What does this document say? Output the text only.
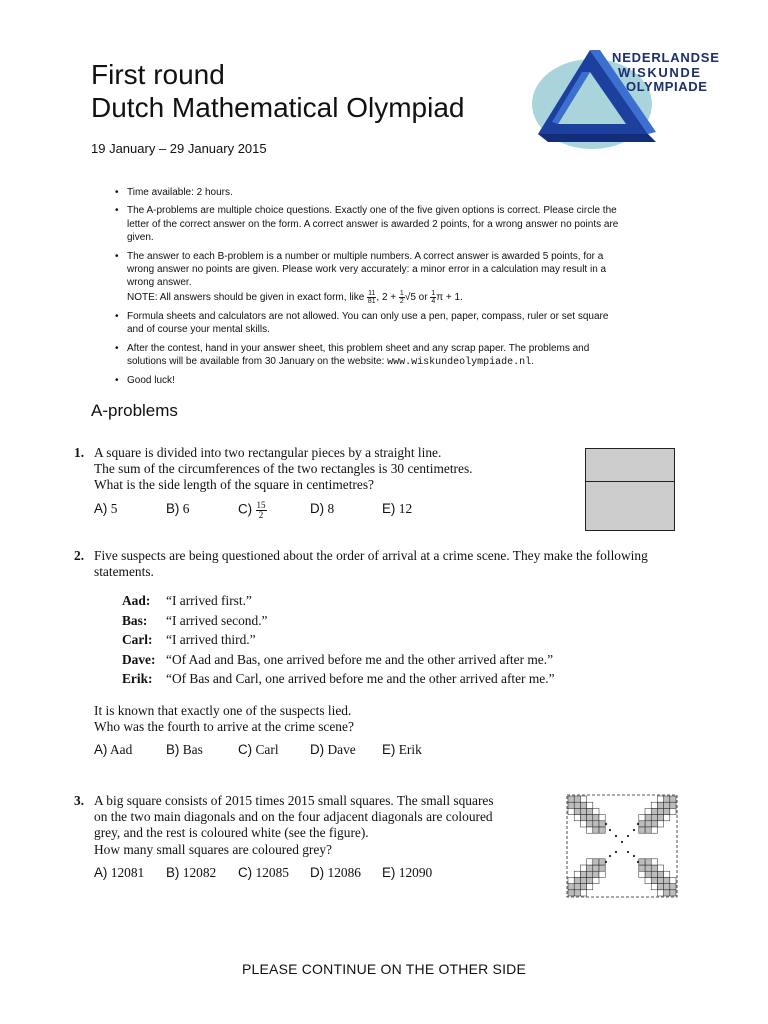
First round
Dutch Mathematical Olympiad
19 January – 29 January 2015
NEDERLANDSE
WISKUNDE
OLYMPIADE
• Time available: 2 hours.
• The A-problems are multiple choice questions. Exactly one of the five given options is correct. Please circle the letter of the correct answer on the form. A correct answer is awarded 2 points, for a wrong answer no points are given.
• The answer to each B-problem is a number or multiple numbers. A correct answer is awarded 5 points, for a wrong answer no points are given. Please work very accurately: a minor error in a calculation may result in a wrong answer.
NOTE: All answers should be given in exact form, like $\frac{11}{81}$ , $2 + \frac{1}{2} √5$ or $\frac{1}{4}$ π + 1.
• Formula sheets and calculators are not allowed. You can only use a pen, paper, compass, ruler or set square and of course your mental skills.
• After the contest, hand in your answer sheet, this problem sheet and any scrap paper. The problems and solutions will be available from 30 January on the website: www.wiskundeolympiade.nl.
• Good luck!
A-problems
1. A square is divided into two rectangular pieces by a straight line.
The sum of the circumferences of the two rectangles is 30 centimetres.
What is the side length of the square in centimetres?
A) 5	B) 6	$C) \frac{15}{2}$	D) 8	E) 12
2. Five suspects are being questioned about the order of arrival at a crime scene. They make the following statements.
Aad: “I arrived first.”
Bas: “I arrived second.”
Carl: “I arrived third.”
Dave: “Of Aad and Bas, one arrived before me and the other arrived after me.”
Erik: “Of Bas and Carl, one arrived before me and the other arrived after me.”
It is known that exactly one of the suspects lied.
Who was the fourth to arrive at the crime scene?
A) Aad	B) Bas	C) Carl	D) Dave	E) Erik
3. A big square consists of 2015 times 2015 small squares. The small squares
on the two main diagonals and on the four adjacent diagonals are coloured
grey, and the rest is coloured white (see the figure).
How many small squares are coloured grey?
A) 12081	B) 12082	C) 12085	D) 12086	E) 12090
PLEASE CONTINUE ON THE OTHER SIDE
